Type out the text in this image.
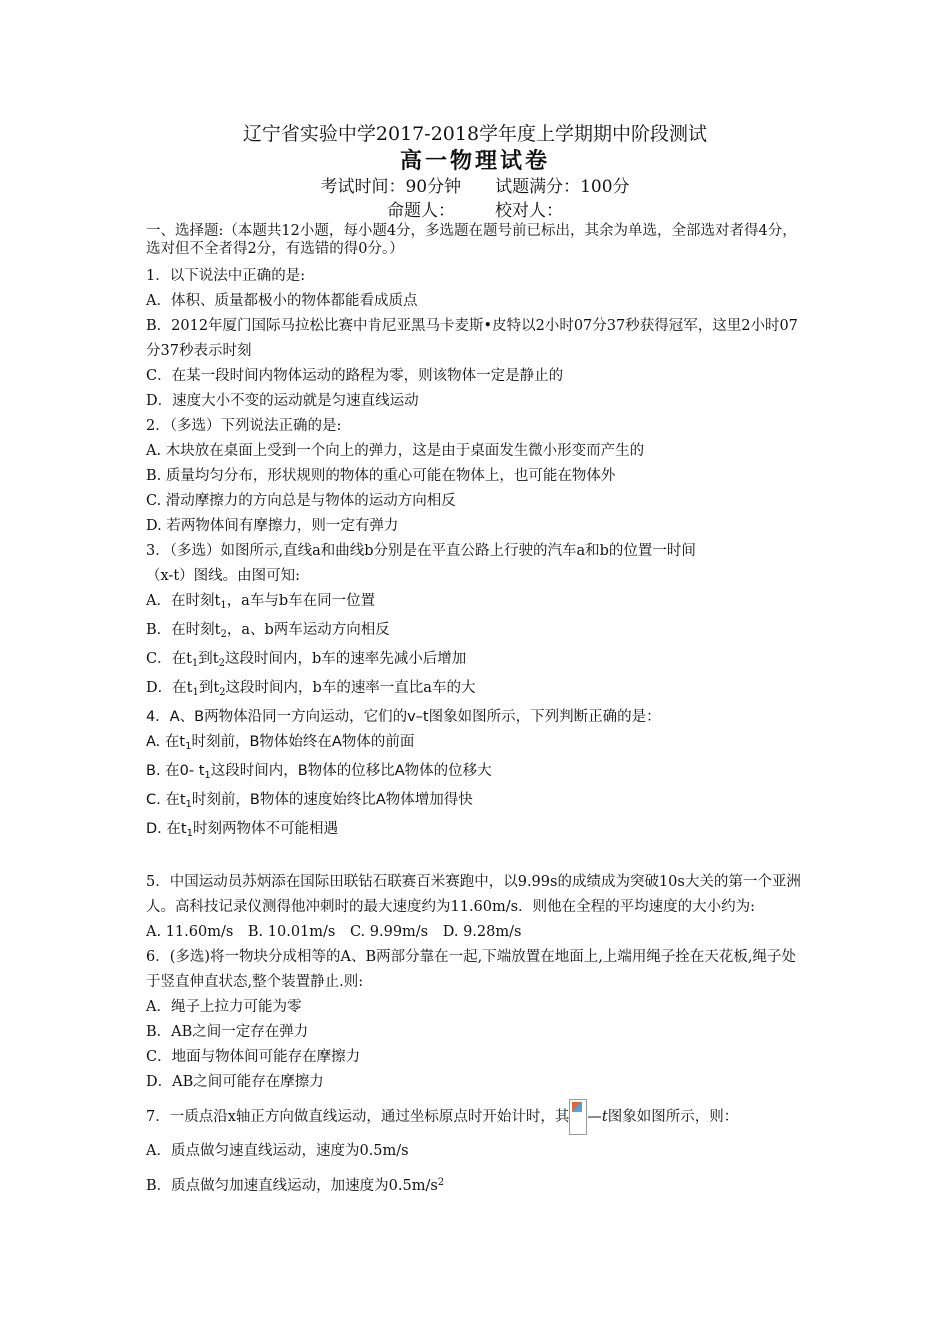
辽宁省实验中学2017-2018学年度上学期期中阶段测试
高一物理试卷
考试时间：90分钟 试题满分：100分
命题人： 校对人：
一、选择题:（本题共12小题，每小题4分，多选题在题号前已标出，其余为单选，全部选对者得4分，选对但不全者得2分，有选错的得0分。）
1．以下说法中正确的是:
A．体积、质量都极小的物体都能看成质点
B．2012年厦门国际马拉松比赛中肯尼亚黑马卡麦斯•皮特以2小时07分37秒获得冠军，这里2小时07分37秒表示时刻
C．在某一段时间内物体运动的路程为零，则该物体一定是静止的
D．速度大小不变的运动就是匀速直线运动
2．（多选）下列说法正确的是:
A. 木块放在桌面上受到一个向上的弹力，这是由于桌面发生微小形变而产生的
B. 质量均匀分布，形状规则的物体的重心可能在物体上，也可能在物体外
C. 滑动摩擦力的方向总是与物体的运动方向相反
D. 若两物体间有摩擦力，则一定有弹力
3．（多选）如图所示,直线a和曲线b分别是在平直公路上行驶的汽车a和b的位置一时间
（x-t）图线。由图可知:
A．在时刻$t_1$，a车与b车在同一位置
B．在时刻$t_2$，a、b两车运动方向相反
C．在$t_1$到$t_2$这段时间内，b车的速率先减小后增加
D．在$t_1$到$t_2$这段时间内，b车的速率一直比a车的大
4．A、B两物体沿同一方向运动，它们的v–t图象如图所示，下列判断正确的是：
A. 在$t_1$时刻前，B物体始终在A物体的前面
B. 在0- $t_1$这段时间内，B物体的位移比A物体的位移大
C. 在$t_1$时刻前，B物体的速度始终比A物体增加得快
D. 在$t_1$时刻两物体不可能相遇
5．中国运动员苏炳添在国际田联钻石联赛百米赛跑中，以9.99s的成绩成为突破10s大关的第一个亚洲人。高科技记录仪测得他冲刺时的最大速度约为11.60m/s．则他在全程的平均速度的大小约为:
A. 11.60m/s B. 10.01m/s C. 9.99m/s D. 9.28m/s
6．(多选)将一物块分成相等的A、B两部分靠在一起,下端放置在地面上,上端用绳子拴在天花板,绳子处于竖直伸直状态,整个装置静止.则:
A．绳子上拉力可能为零
B．AB之间一定存在弹力
C．地面与物体间可能存在摩擦力
D．AB之间可能存在摩擦力
7．一质点沿x轴正方向做直线运动，通过坐标原点时开始计时，其 —t图象如图所示，则：
A．质点做匀速直线运动，速度为0.5m/s
B．质点做匀加速直线运动，加速度为$0.5m/s^2$
